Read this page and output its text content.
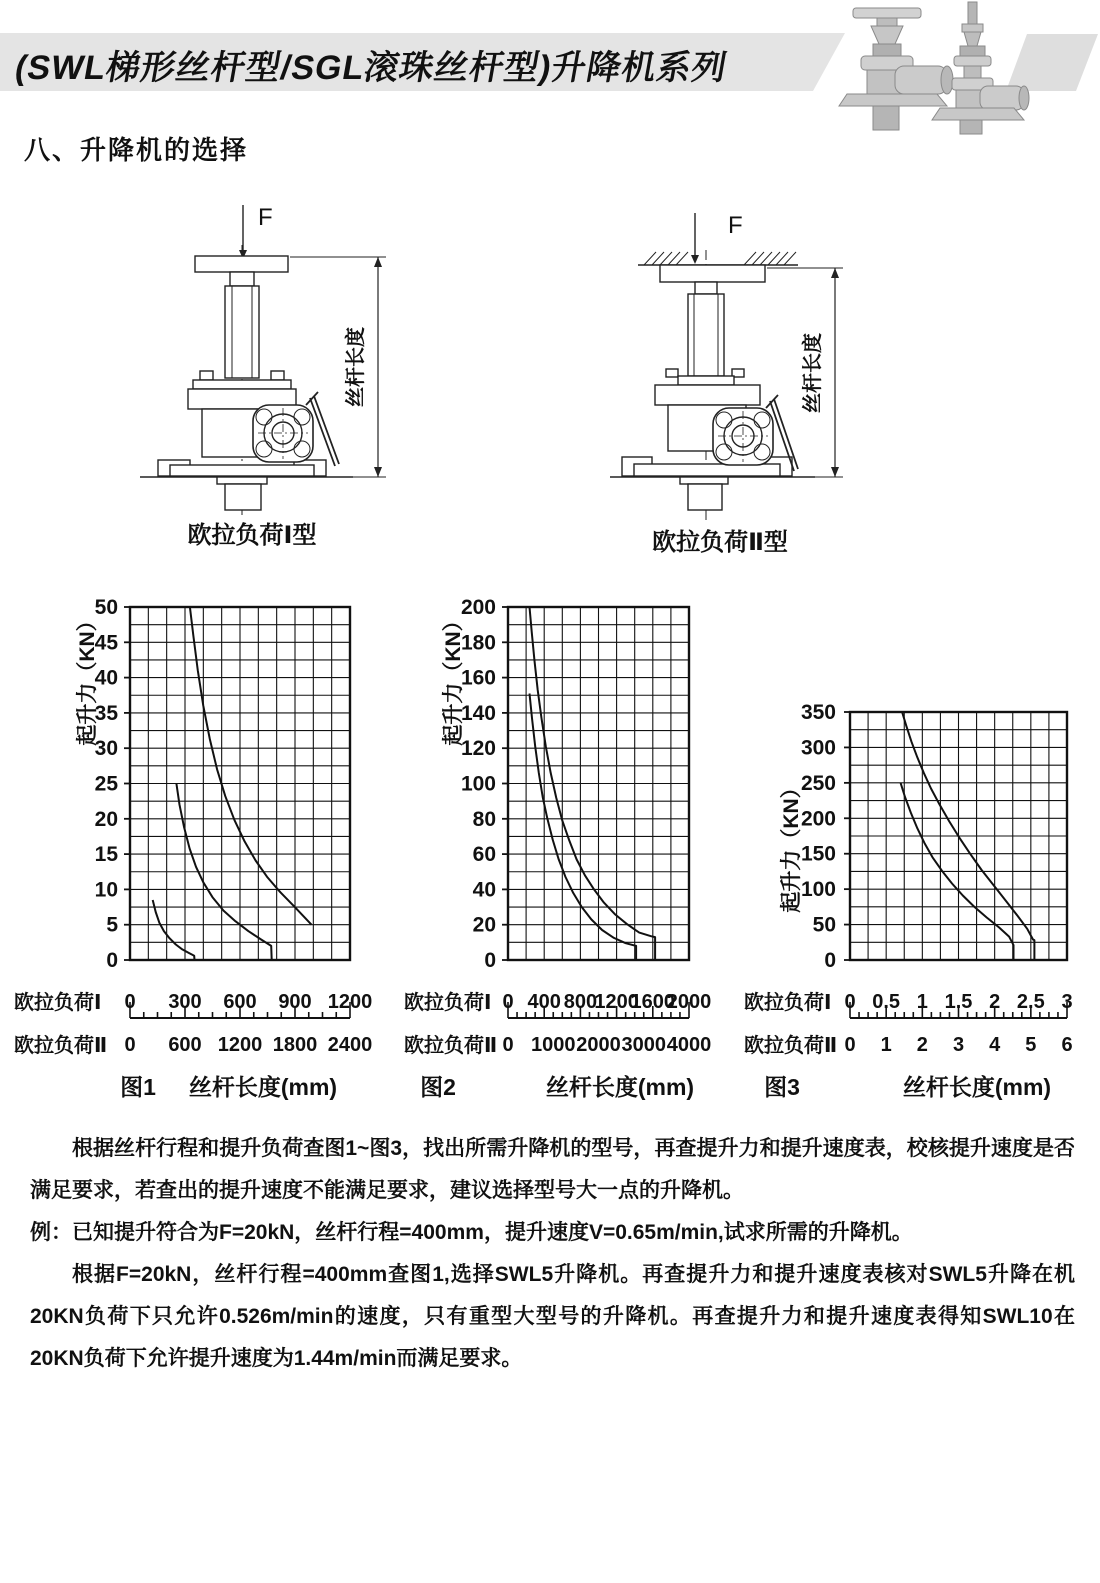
(SWL梯形丝杆型/SGL滚珠丝杆型)升降机系列
八、升降机的选择
F
丝杆长度
欧拉负荷Ⅰ型
F
丝杆长度
欧拉负荷Ⅱ型
0
5
10
15
20
25
30
35
40
45
50
起升力（KN）
0 300 600 900 1200
0 600 1200 1800 2400
欧拉负荷Ⅰ
欧拉负荷Ⅱ
图1 丝杆长度(mm)
0
20
40
60
80
100
120
140
160
180
200
起升力（KN）
0 400 800
1200
1600
2000
0 1000 2000 3000 4000
欧拉负荷Ⅰ
欧拉负荷Ⅱ
图2	丝杆长度(mm)
0
50
100
150
200
250
300
350
起升力（KN）
0 0.5 1 1.5 2 2.5 3
0 1 2 3 4 5 6
欧拉负荷Ⅰ
欧拉负荷Ⅱ
图3	丝杆长度(mm)

根据丝杆行程和提升负荷查图1~图3，找出所需升降机的型号，再查提升力和提升速度表，校核提升速度是否满足要求，若查出的提升速度不能满足要求，建议选择型号大一点的升降机。

例：已知提升符合为F=20kN，丝杆行程=400mm，提升速度V=0.65m/min,试求所需的升降机。

根据F=20kN，丝杆行程=400mm查图1,选择SWL5升降机。再查提升力和提升速度表核对SWL5升降在机20KN负荷下只允许0.526m/min的速度，只有重型大型号的升降机。再查提升力和提升速度表得知SWL10在20KN负荷下允许提升速度为1.44m/min而满足要求。
